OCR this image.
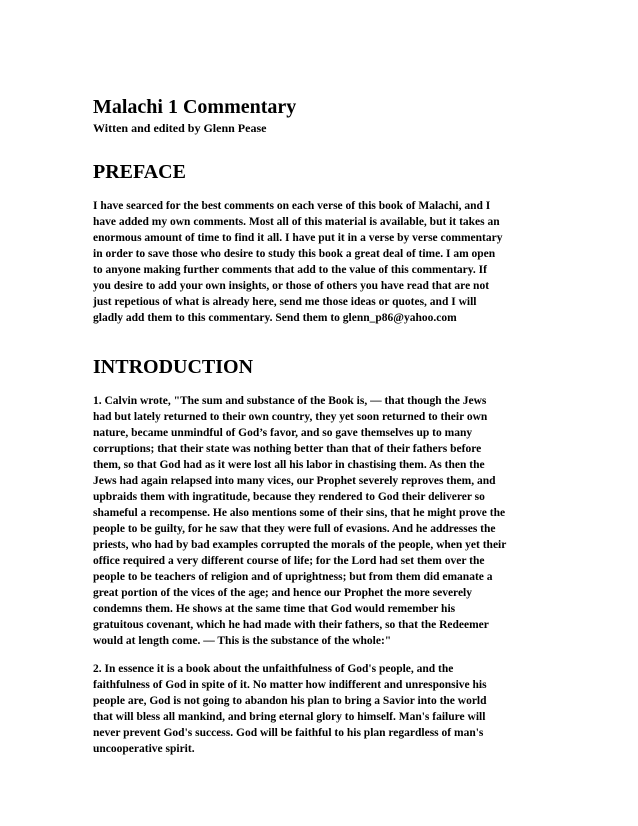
Malachi 1 Commentary
Witten and edited by Glenn Pease
PREFACE

I have searced for the best comments on each verse of this book of Malachi, and I
have added my own comments. Most all of this material is available, but it takes an
enormous amount of time to find it all. I have put it in a verse by verse commentary
in order to save those who desire to study this book a great deal of time. I am open
to anyone making further comments that add to the value of this commentary. If
you desire to add your own insights, or those of others you have read that are not
just repetious of what is already here, send me those ideas or quotes, and I will
gladly add them to this commentary. Send them to glenn_p86@yahoo.com

INTRODUCTION

1. Calvin wrote, "The sum and substance of the Book is, — that though the Jews
had but lately returned to their own country, they yet soon returned to their own
nature, became unmindful of God’s favor, and so gave themselves up to many
corruptions; that their state was nothing better than that of their fathers before
them, so that God had as it were lost all his labor in chastising them. As then the
Jews had again relapsed into many vices, our Prophet severely reproves them, and
upbraids them with ingratitude, because they rendered to God their deliverer so
shameful a recompense. He also mentions some of their sins, that he might prove the
people to be guilty, for he saw that they were full of evasions. And he addresses the
priests, who had by bad examples corrupted the morals of the people, when yet their
office required a very different course of life; for the Lord had set them over the
people to be teachers of religion and of uprightness; but from them did emanate a
great portion of the vices of the age; and hence our Prophet the more severely
condemns them. He shows at the same time that God would remember his
gratuitous covenant, which he had made with their fathers, so that the Redeemer
would at length come. — This is the substance of the whole:"

2. In essence it is a book about the unfaithfulness of God's people, and the
faithfulness of God in spite of it. No matter how indifferent and unresponsive his
people are, God is not going to abandon his plan to bring a Savior into the world
that will bless all mankind, and bring eternal glory to himself. Man's failure will
never prevent God's success. God will be faithful to his plan regardless of man's
uncooperative spirit.
